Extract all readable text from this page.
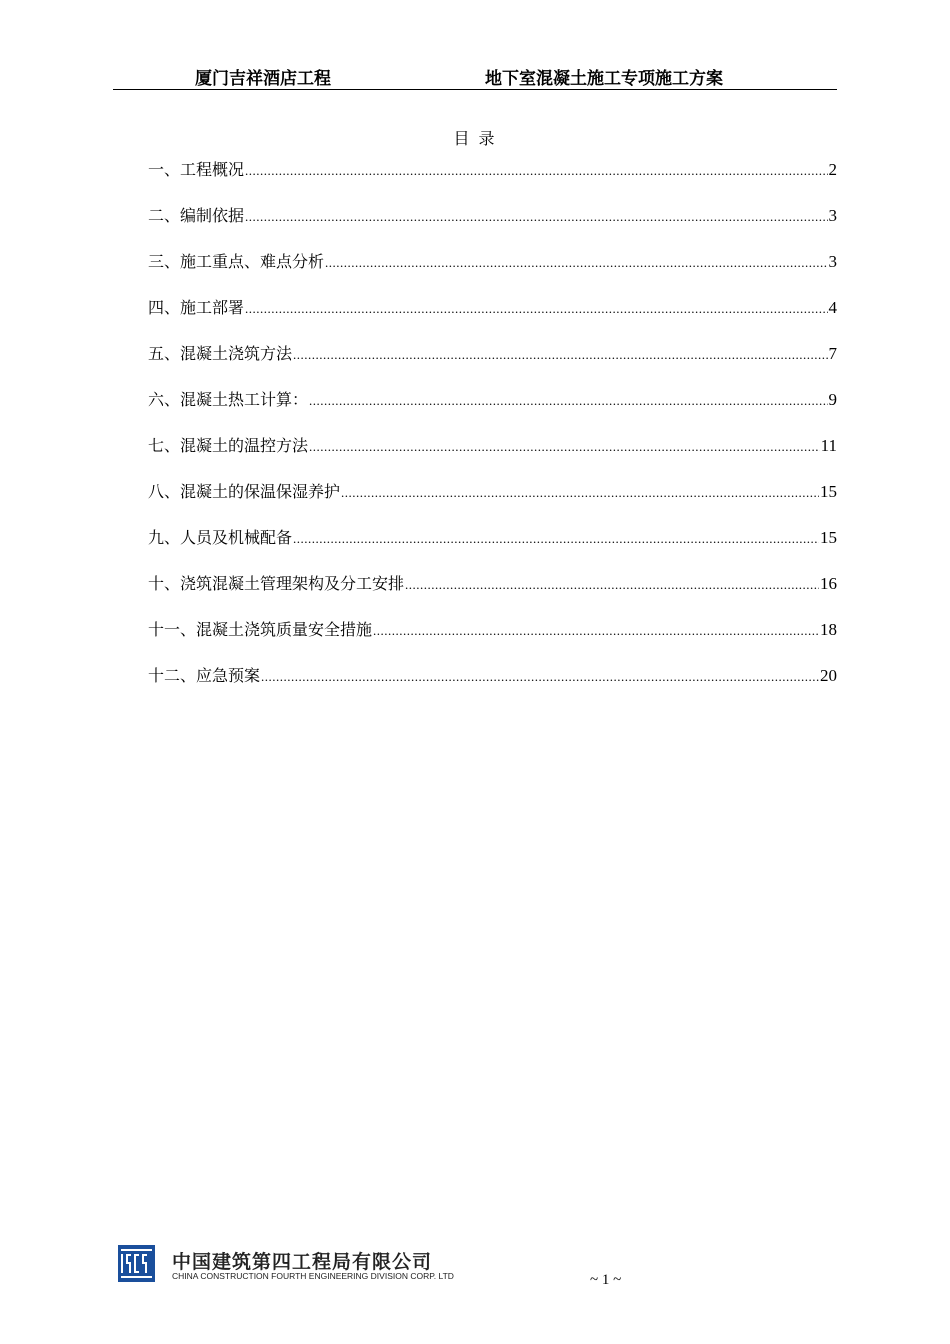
厦门吉祥酒店工程	地下室混凝土施工专项施工方案
目 录
一、工程概况 .....	2
二、编制依据 .....	3
三、施工重点、难点分析 .....	3
四、施工部署 .....	4
五、混凝土浇筑方法 .....	7
六、混凝土热工计算： .....	9
七、混凝土的温控方法 .....	11
八、混凝土的保温保湿养护 .....	15
九、人员及机械配备 .....	15
十、浇筑混凝土管理架构及分工安排 .....	16
十一、混凝土浇筑质量安全措施 .....	18
十二、应急预案 .....	20
中国建筑第四工程局有限公司
CHINA CONSTRUCTION FOURTH ENGINEERING DIVISION CORP. LTD	~ 1 ~
